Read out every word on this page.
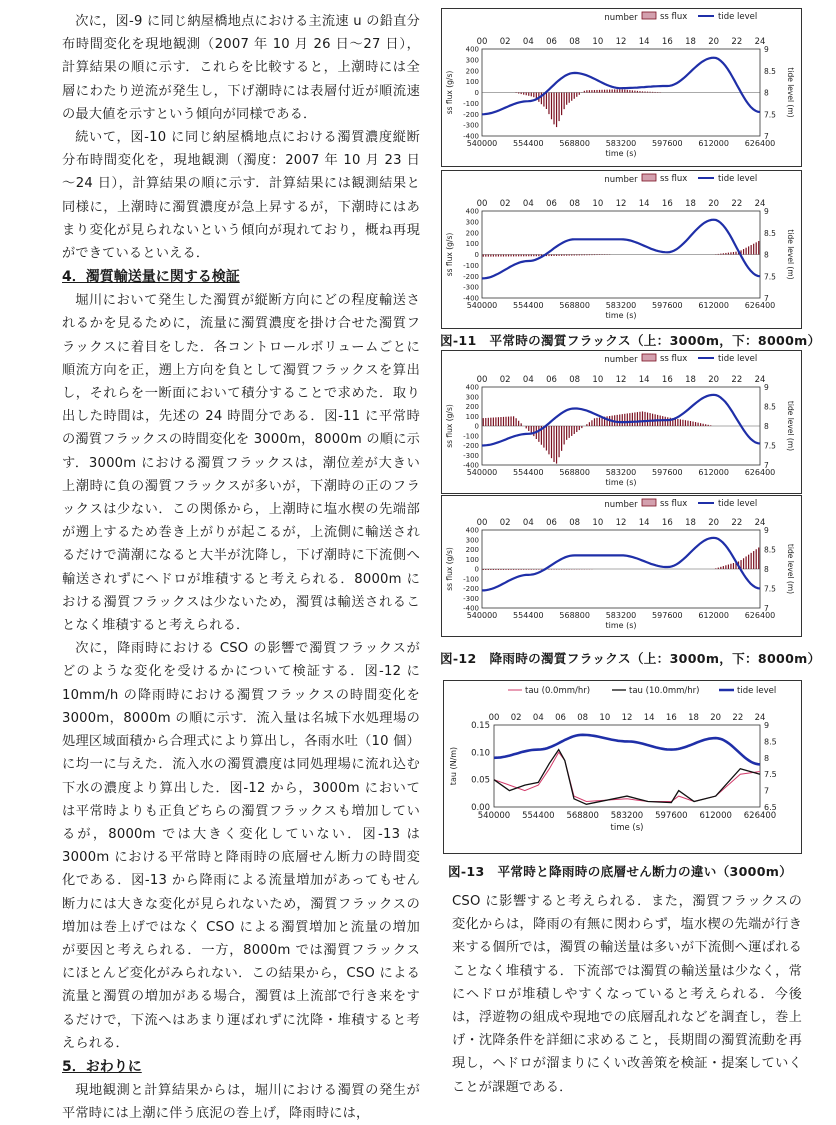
次に，図-9 に同じ納屋橋地点における主流速 u の鉛直分布時間変化を現地観測（2007 年 10 月 26 日～27 日），計算結果の順に示す．これらを比較すると，上潮時には全層にわたり逆流が発生し，下げ潮時には表層付近が順流速の最大値を示すという傾向が同様である．

続いて，図-10 に同じ納屋橋地点における濁質濃度縦断分布時間変化を，現地観測（濁度：2007 年 10 月 23 日～24 日），計算結果の順に示す．計算結果には観測結果と同様に，上潮時に濁質濃度が急上昇するが，下潮時にはあまり変化が見られないという傾向が現れており，概ね再現ができているといえる．

4．濁質輸送量に関する検証

堀川において発生した濁質が縦断方向にどの程度輸送されるかを見るために，流量に濁質濃度を掛け合せた濁質フラックスに着目をした．各コントロールボリュームごとに順流方向を正，遡上方向を負として濁質フラックスを算出し，それらを一断面において積分することで求めた．取り出した時間は，先述の 24 時間分である．図-11 に平常時の濁質フラックスの時間変化を 3000m，8000m の順に示す．3000m における濁質フラックスは，潮位差が大きい上潮時に負の濁質フラックスが多いが，下潮時の正のフラックスは少ない．この関係から，上潮時に塩水楔の先端部が遡上するため巻き上がりが起こるが，上流側に輸送されるだけで満潮になると大半が沈降し，下げ潮時に下流側へ輸送されずにヘドロが堆積すると考えられる．8000m における濁質フラックスは少ないため，濁質は輸送されることなく堆積すると考えられる．

次に，降雨時における CSO の影響で濁質フラックスがどのような変化を受けるかについて検証する．図-12 に 10mm/h の降雨時における濁質フラックスの時間変化を 3000m，8000m の順に示す．流入量は名城下水処理場の処理区域面積から合理式により算出し，各雨水吐（10 個）に均一に与えた．流入水の濁質濃度は同処理場に流れ込む下水の濃度より算出した．図-12 から，3000m においては平常時よりも正負どちらの濁質フラックスも増加しているが，8000m では大きく変化していない．図-13 は 3000m における平常時と降雨時の底層せん断力の時間変化である．図-13 から降雨による流量増加があってもせん断力には大きな変化が見られないため，濁質フラックスの増加は巻上げではなく CSO による濁質増加と流量の増加が要因と考えられる．一方，8000m では濁質フラックスにほとんど変化がみられない．この結果から，CSO による流量と濁質の増加がある場合，濁質は上流部で行き来をするだけで，下流へはあまり運ばれずに沈降・堆積すると考えられる．

5．おわりに

現地観測と計算結果からは，堀川における濁質の発生が平常時には上潮に伴う底泥の巻上げ，降雨時には，

ss flux	tide level
number
00 02 04 06 08 10 12 14 16 18 20 22 24
400
300
200
100
0
-100
-200
-300
-400
9
8.5
8
7.5
7
ss flux (g/s)	tide level (m)
540000 554400 568800 583200 597600 612000 626400
time (s)
ss flux	tide level
number
00 02 04 06 08 10 12 14 16 18 20 22 24
400
300
200
100
0
-100
-200
-300
-400
9
8.5
8
7.5
7
ss flux (g/s)	tide level (m)
540000 554400 568800 583200 597600 612000 626400
time (s)
図-11　平常時の濁質フラックス（上：3000m，下：8000m）
ss flux	tide level
number
00 02 04 06 08 10 12 14 16 18 20 22 24
400
300
200
100
0
-100
-200
-300
-400
9
8.5
8
7.5
7
ss flux (g/s)	tide level (m)
540000 554400 568800 583200 597600 612000 626400
time (s)
ss flux	tide level
number
00 02 04 06 08 10 12 14 16 18 20 22 24
400
300
200
100
0
-100
-200
-300
-400
9
8.5
8
7.5
7
ss flux (g/s)	tide level (m)
540000 554400 568800 583200 597600 612000 626400
time (s)
図-12　降雨時の濁質フラックス（上：3000m，下：8000m）
tau (0.0mm/hr)	tau (10.0mm/hr)	tide level
00 02 04 06 08 10 12 14 16 18 20 22 24
0.15
0.10
0.05
0.00
9
8.5
8
7.5
7
6.5
tau (N/m)
540000 554400 568800 583200 597600 612000 626400
time (s)
図-13　平常時と降雨時の底層せん断力の違い（3000m）

CSO に影響すると考えられる．また，濁質フラックスの変化からは，降雨の有無に関わらず，塩水楔の先端が行き来する個所では，濁質の輸送量は多いが下流側へ運ばれることなく堆積する．下流部では濁質の輸送量は少なく，常にヘドロが堆積しやすくなっていると考えられる．今後は，浮遊物の組成や現地での底層乱れなどを調査し，巻上げ・沈降条件を詳細に求めること，長期間の濁質流動を再現し，ヘドロが溜まりにくい改善策を検証・提案していくことが課題である．
